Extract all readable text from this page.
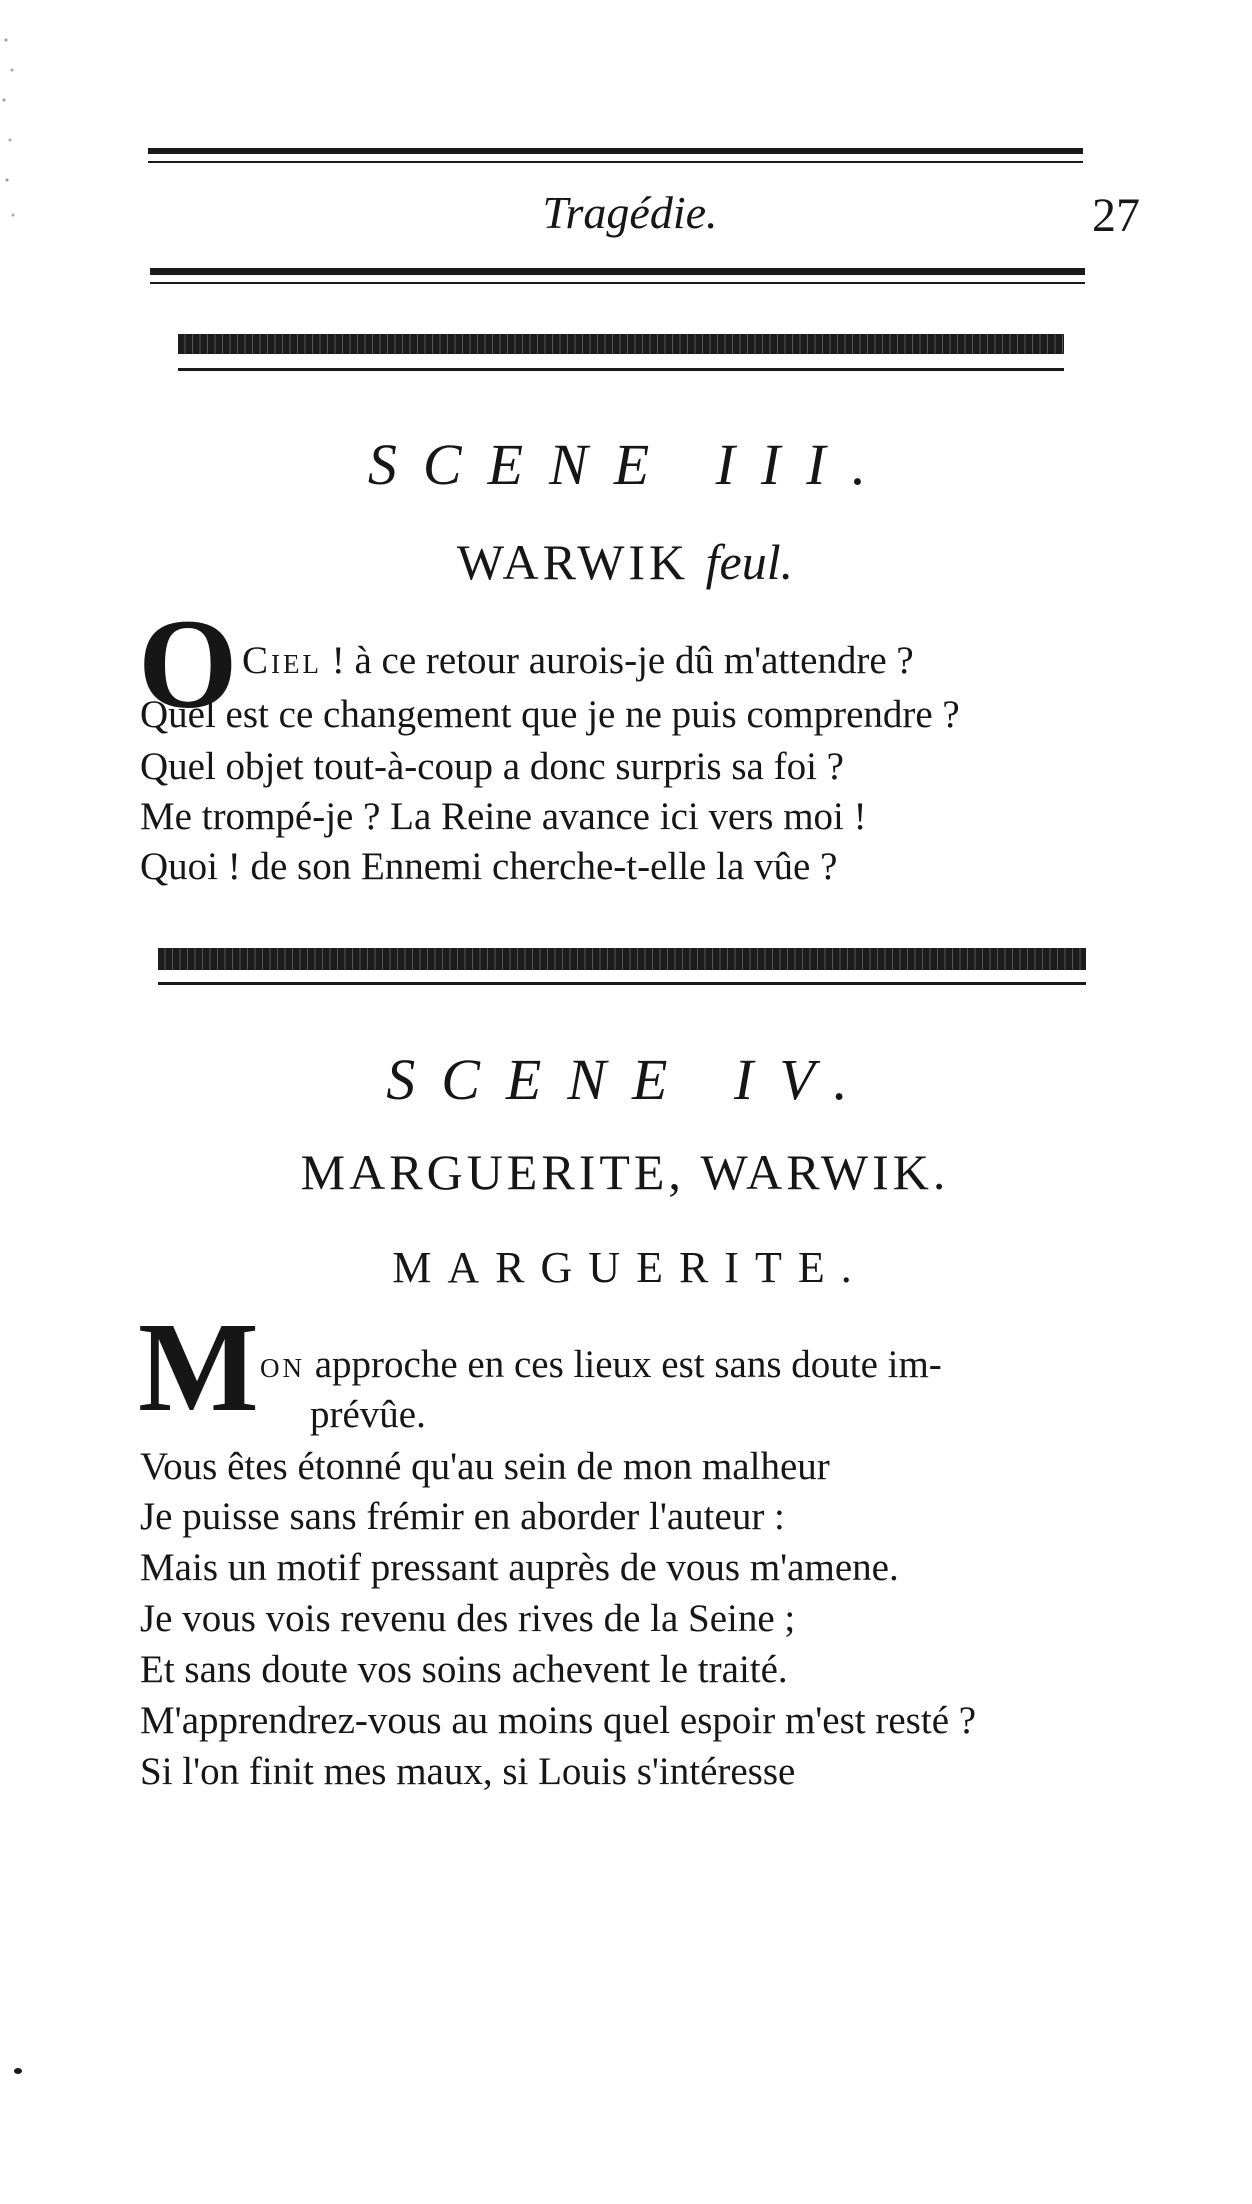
Tragédie.	27
SCENE III.
WARWIK feul.
O Ciel ! à ce retour aurois-je dû m'attendre ?
Quel est ce changement que je ne puis comprendre ?
Quel objet tout-à-coup a donc surpris sa foi ?
Me trompé-je ? La Reine avance ici vers moi !
Quoi ! de son Ennemi cherche-t-elle la vûe ?
SCENE IV.
MARGUERITE, WARWIK.
MARGUERITE.
M on approche en ces lieux est sans doute im-
prévûe.
Vous êtes étonné qu'au sein de mon malheur
Je puisse sans frémir en aborder l'auteur :
Mais un motif pressant auprès de vous m'amene.
Je vous vois revenu des rives de la Seine ;
Et sans doute vos soins achevent le traité.
M'apprendrez-vous au moins quel espoir m'est resté ?
Si l'on finit mes maux, si Louis s'intéresse
